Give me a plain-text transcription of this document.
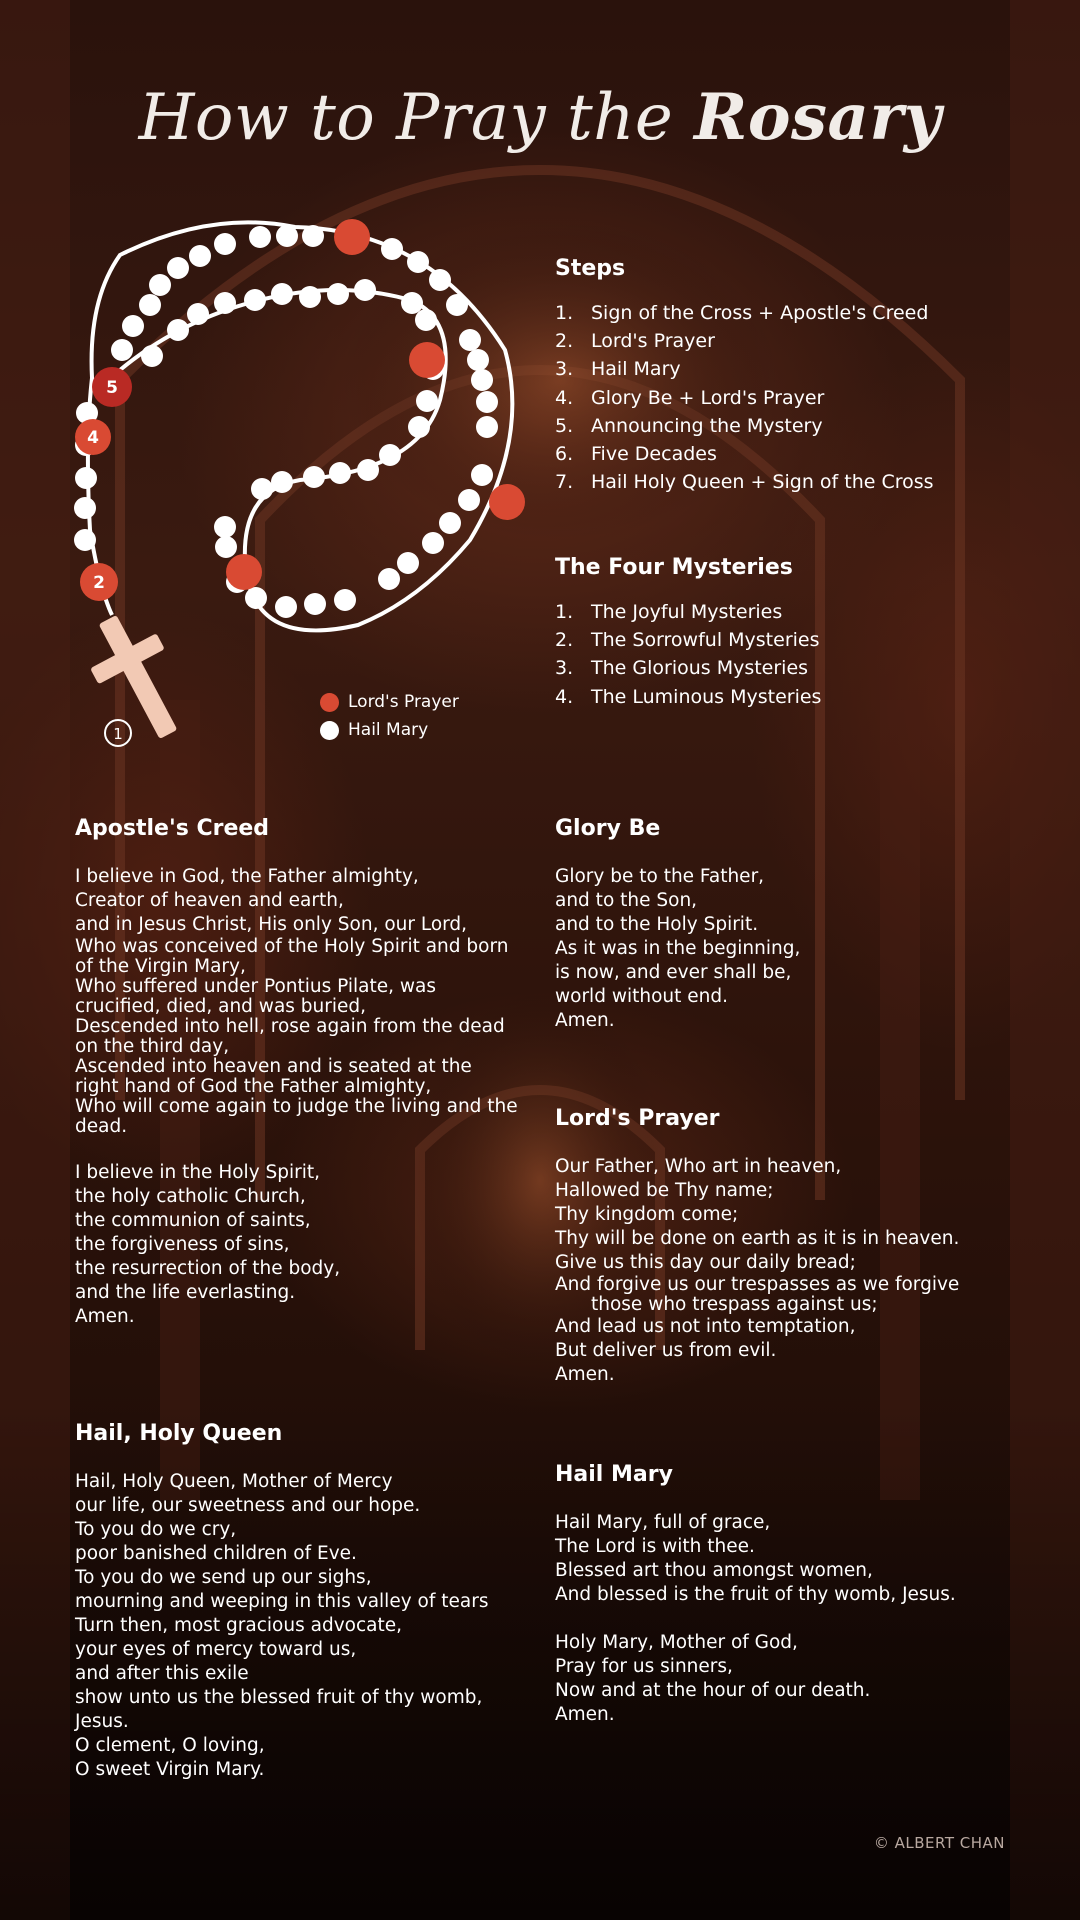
How to Pray the Rosary
2
4
5
1
Lord's Prayer
Hail Mary
Steps
1. Sign of the Cross + Apostle's Creed
2. Lord's Prayer
3. Hail Mary
4. Glory Be + Lord's Prayer
5. Announcing the Mystery
6. Five Decades
7. Hail Holy Queen + Sign of the Cross
The Four Mysteries
1. The Joyful Mysteries
2. The Sorrowful Mysteries
3. The Glorious Mysteries
4. The Luminous Mysteries
Apostle's Creed
I believe in God, the Father almighty,
Creator of heaven and earth,
and in Jesus Christ, His only Son, our Lord,
Who was conceived of the Holy Spirit and born
of the Virgin Mary,
Who suffered under Pontius Pilate, was
crucified, died, and was buried,
Descended into hell, rose again from the dead
on the third day,
Ascended into heaven and is seated at the
right hand of God the Father almighty,
Who will come again to judge the living and the
dead.
I believe in the Holy Spirit,
the holy catholic Church,
the communion of saints,
the forgiveness of sins,
the resurrection of the body,
and the life everlasting.
Amen.
Glory Be
Glory be to the Father,
and to the Son,
and to the Holy Spirit.
As it was in the beginning,
is now, and ever shall be,
world without end.
Amen.
Lord's Prayer
Our Father, Who art in heaven,
Hallowed be Thy name;
Thy kingdom come;
Thy will be done on earth as it is in heaven.
Give us this day our daily bread;
And forgive us our trespasses as we forgive
those who trespass against us;
And lead us not into temptation,
But deliver us from evil.
Amen.
Hail, Holy Queen
Hail, Holy Queen, Mother of Mercy
our life, our sweetness and our hope.
To you do we cry,
poor banished children of Eve.
To you do we send up our sighs,
mourning and weeping in this valley of tears
Turn then, most gracious advocate,
your eyes of mercy toward us,
and after this exile
show unto us the blessed fruit of thy womb,
Jesus.
O clement, O loving,
O sweet Virgin Mary.
Hail Mary
Hail Mary, full of grace,
The Lord is with thee.
Blessed art thou amongst women,
And blessed is the fruit of thy womb, Jesus.
Holy Mary, Mother of God,
Pray for us sinners,
Now and at the hour of our death.
Amen.
© ALBERT CHAN
